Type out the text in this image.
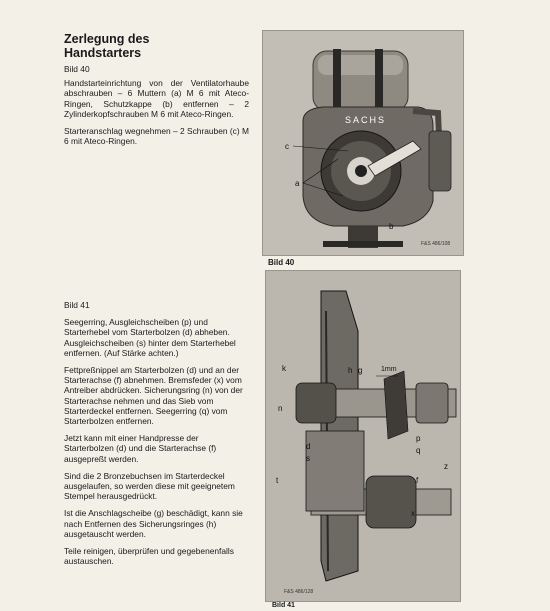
Zerlegung des
Handstarters
Bild 40

Handstarteinrichtung von der Ventilatorhaube abschrauben – 6 Muttern (a) M 6 mit Ateco-Ringen, Schutzkappe (b) entfernen – 2 Zylinderkopfschrauben M 6 mit Ateco-Ringen.

Starteranschlag wegnehmen – 2 Schrauben (c) M 6 mit Ateco-Ringen.

Bild 41

Seegerring, Ausgleichscheiben (p) und Starterhebel vom Starterbolzen (d) abheben. Ausgleichscheiben (s) hinter dem Starterhebel entfernen. (Auf Stärke achten.)

Fettpreßnippel am Starterbolzen (d) und an der Starterachse (f) abnehmen. Bremsfeder (x) vom Antreiber abdrücken. Sicherungsring (n) von der Starterachse nehmen und das Sieb vom Starterdeckel entfernen. Seegerring (q) vom Starterbolzen entfernen.

Jetzt kann mit einer Handpresse der Starterbolzen (d) und die Starterachse (f) ausgepreßt werden.

Sind die 2 Bronzebuchsen im Starterdeckel ausgelaufen, so werden diese mit geeignetem Stempel herausgedrückt.

Ist die Anschlagscheibe (g) beschädigt, kann sie nach Entfernen des Sicherungsringes (h) ausgetauscht werden.

Teile reinigen, überprüfen und gegebenenfalls austauschen.

SACHS
c
a
b
F&S 486/108
Bild 40
1mm
h g
k
n
d
s
p
q
f
z
x
t
F&S 486/128
Bild 41
